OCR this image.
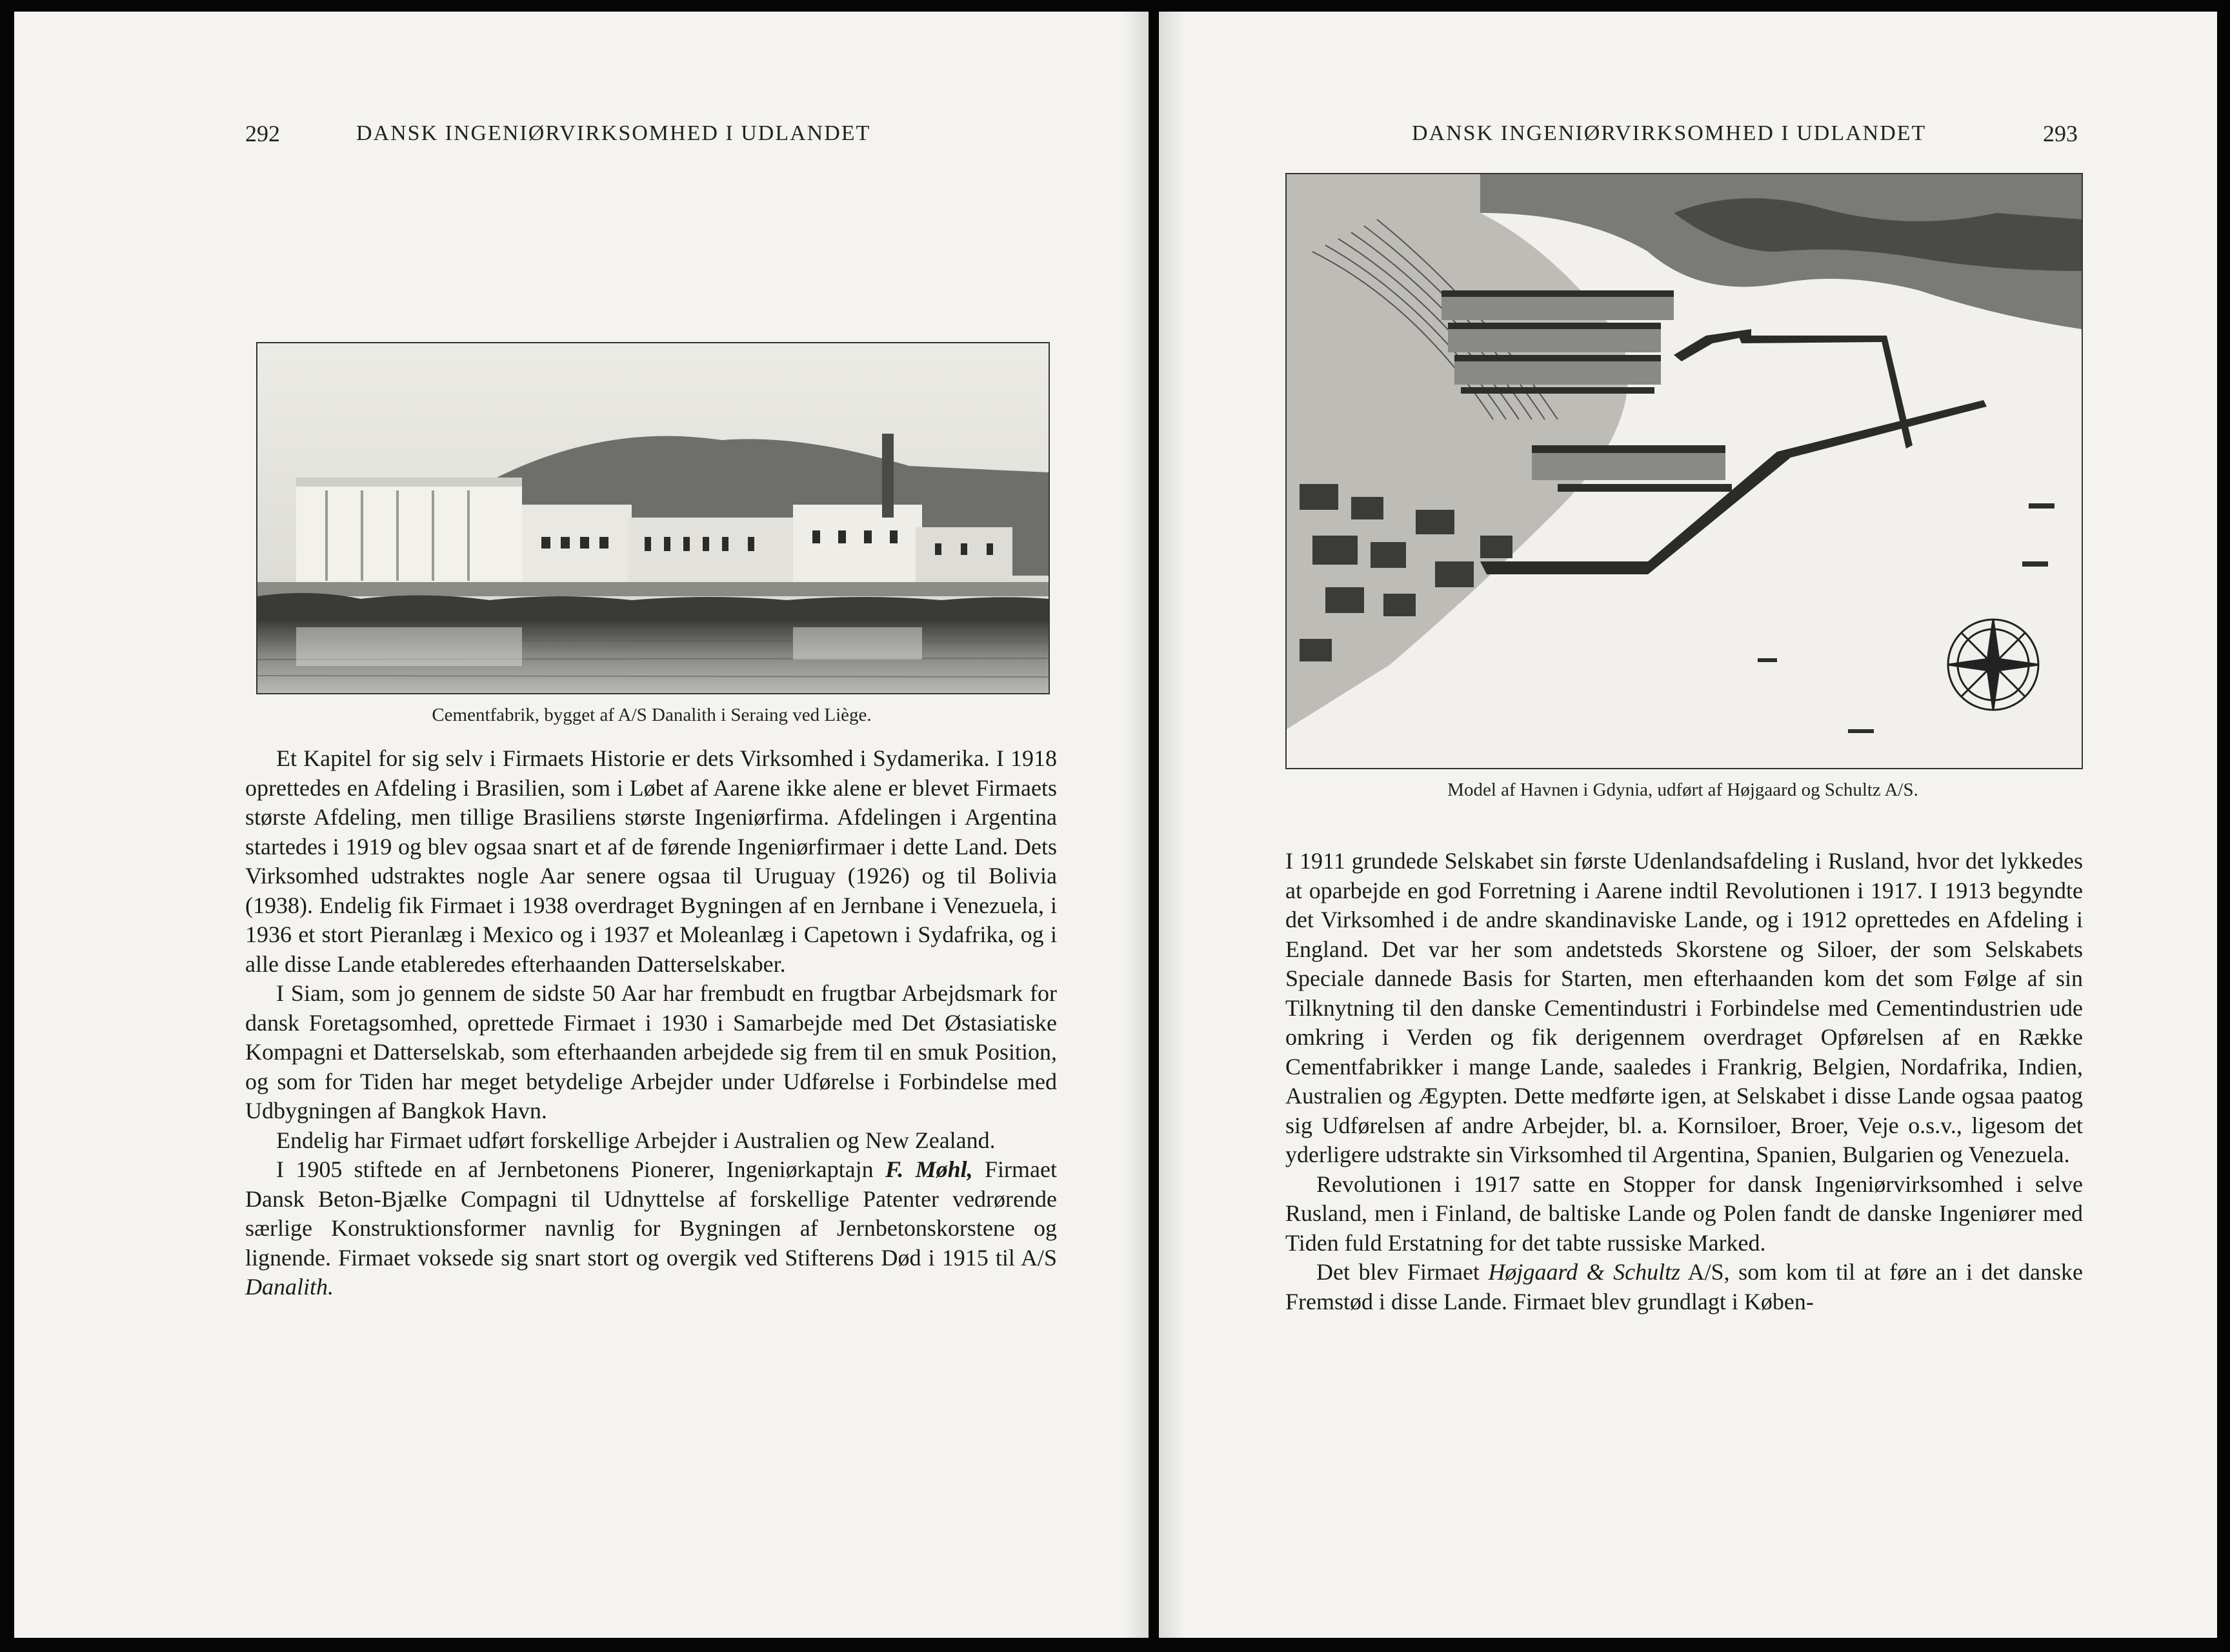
292	DANSK INGENIØRVIRKSOMHED I UDLANDET
Cementfabrik, bygget af A/S Danalith i Seraing ved Liège.

Et Kapitel for sig selv i Firmaets Historie er dets Virksomhed i Sydamerika. I 1918 oprettedes en Afdeling i Brasilien, som i Løbet af Aarene ikke alene er blevet Firmaets største Afdeling, men tillige Brasiliens største Ingeniørfirma. Afdelingen i Argentina startedes i 1919 og blev ogsaa snart et af de førende Ingeniørfirmaer i dette Land. Dets Virksomhed udstraktes nogle Aar senere ogsaa til Uruguay (1926) og til Bolivia (1938). Endelig fik Firmaet i 1938 overdraget Bygningen af en Jernbane i Venezuela, i 1936 et stort Pieranlæg i Mexico og i 1937 et Moleanlæg i Capetown i Sydafrika, og i alle disse Lande etableredes efterhaanden Datterselskaber.

I Siam, som jo gennem de sidste 50 Aar har frembudt en frugtbar Arbejdsmark for dansk Foretagsomhed, oprettede Firmaet i 1930 i Samarbejde med Det Østasiatiske Kompagni et Datterselskab, som efterhaanden arbejdede sig frem til en smuk Position, og som for Tiden har meget betydelige Arbejder under Udførelse i Forbindelse med Udbygningen af Bangkok Havn.

Endelig har Firmaet udført forskellige Arbejder i Australien og New Zealand.

I 1905 stiftede en af Jernbetonens Pionerer, Ingeniørkaptajn F. Møhl, Firmaet Dansk Beton-Bjælke Compagni til Udnyttelse af forskellige Patenter vedrørende særlige Konstruktionsformer navnlig for Bygningen af Jernbetonskorstene og lignende. Firmaet voksede sig snart stort og overgik ved Stifterens Død i 1915 til A/S Danalith.

DANSK INGENIØRVIRKSOMHED I UDLANDET	293
Model af Havnen i Gdynia, udført af Højgaard og Schultz A/S.

I 1911 grundede Selskabet sin første Udenlandsafdeling i Rusland, hvor det lykkedes at oparbejde en god Forretning i Aarene indtil Revolutionen i 1917. I 1913 begyndte det Virksomhed i de andre skandinaviske Lande, og i 1912 oprettedes en Afdeling i England. Det var her som andetsteds Skorstene og Siloer, der som Selskabets Speciale dannede Basis for Starten, men efterhaanden kom det som Følge af sin Tilknytning til den danske Cementindustri i Forbindelse med Cementindustrien ude omkring i Verden og fik derigennem overdraget Opførelsen af en Række Cementfabrikker i mange Lande, saaledes i Frankrig, Belgien, Nordafrika, Indien, Australien og Ægypten. Dette medførte igen, at Selskabet i disse Lande ogsaa paatog sig Udførelsen af andre Arbejder, bl. a. Kornsiloer, Broer, Veje o.s.v., ligesom det yderligere udstrakte sin Virksomhed til Argentina, Spanien, Bulgarien og Venezuela.

Revolutionen i 1917 satte en Stopper for dansk Ingeniørvirksomhed i selve Rusland, men i Finland, de baltiske Lande og Polen fandt de danske Ingeniører med Tiden fuld Erstatning for det tabte russiske Marked.

Det blev Firmaet Højgaard & Schultz A/S, som kom til at føre an i det danske Fremstød i disse Lande. Firmaet blev grundlagt i Køben-
